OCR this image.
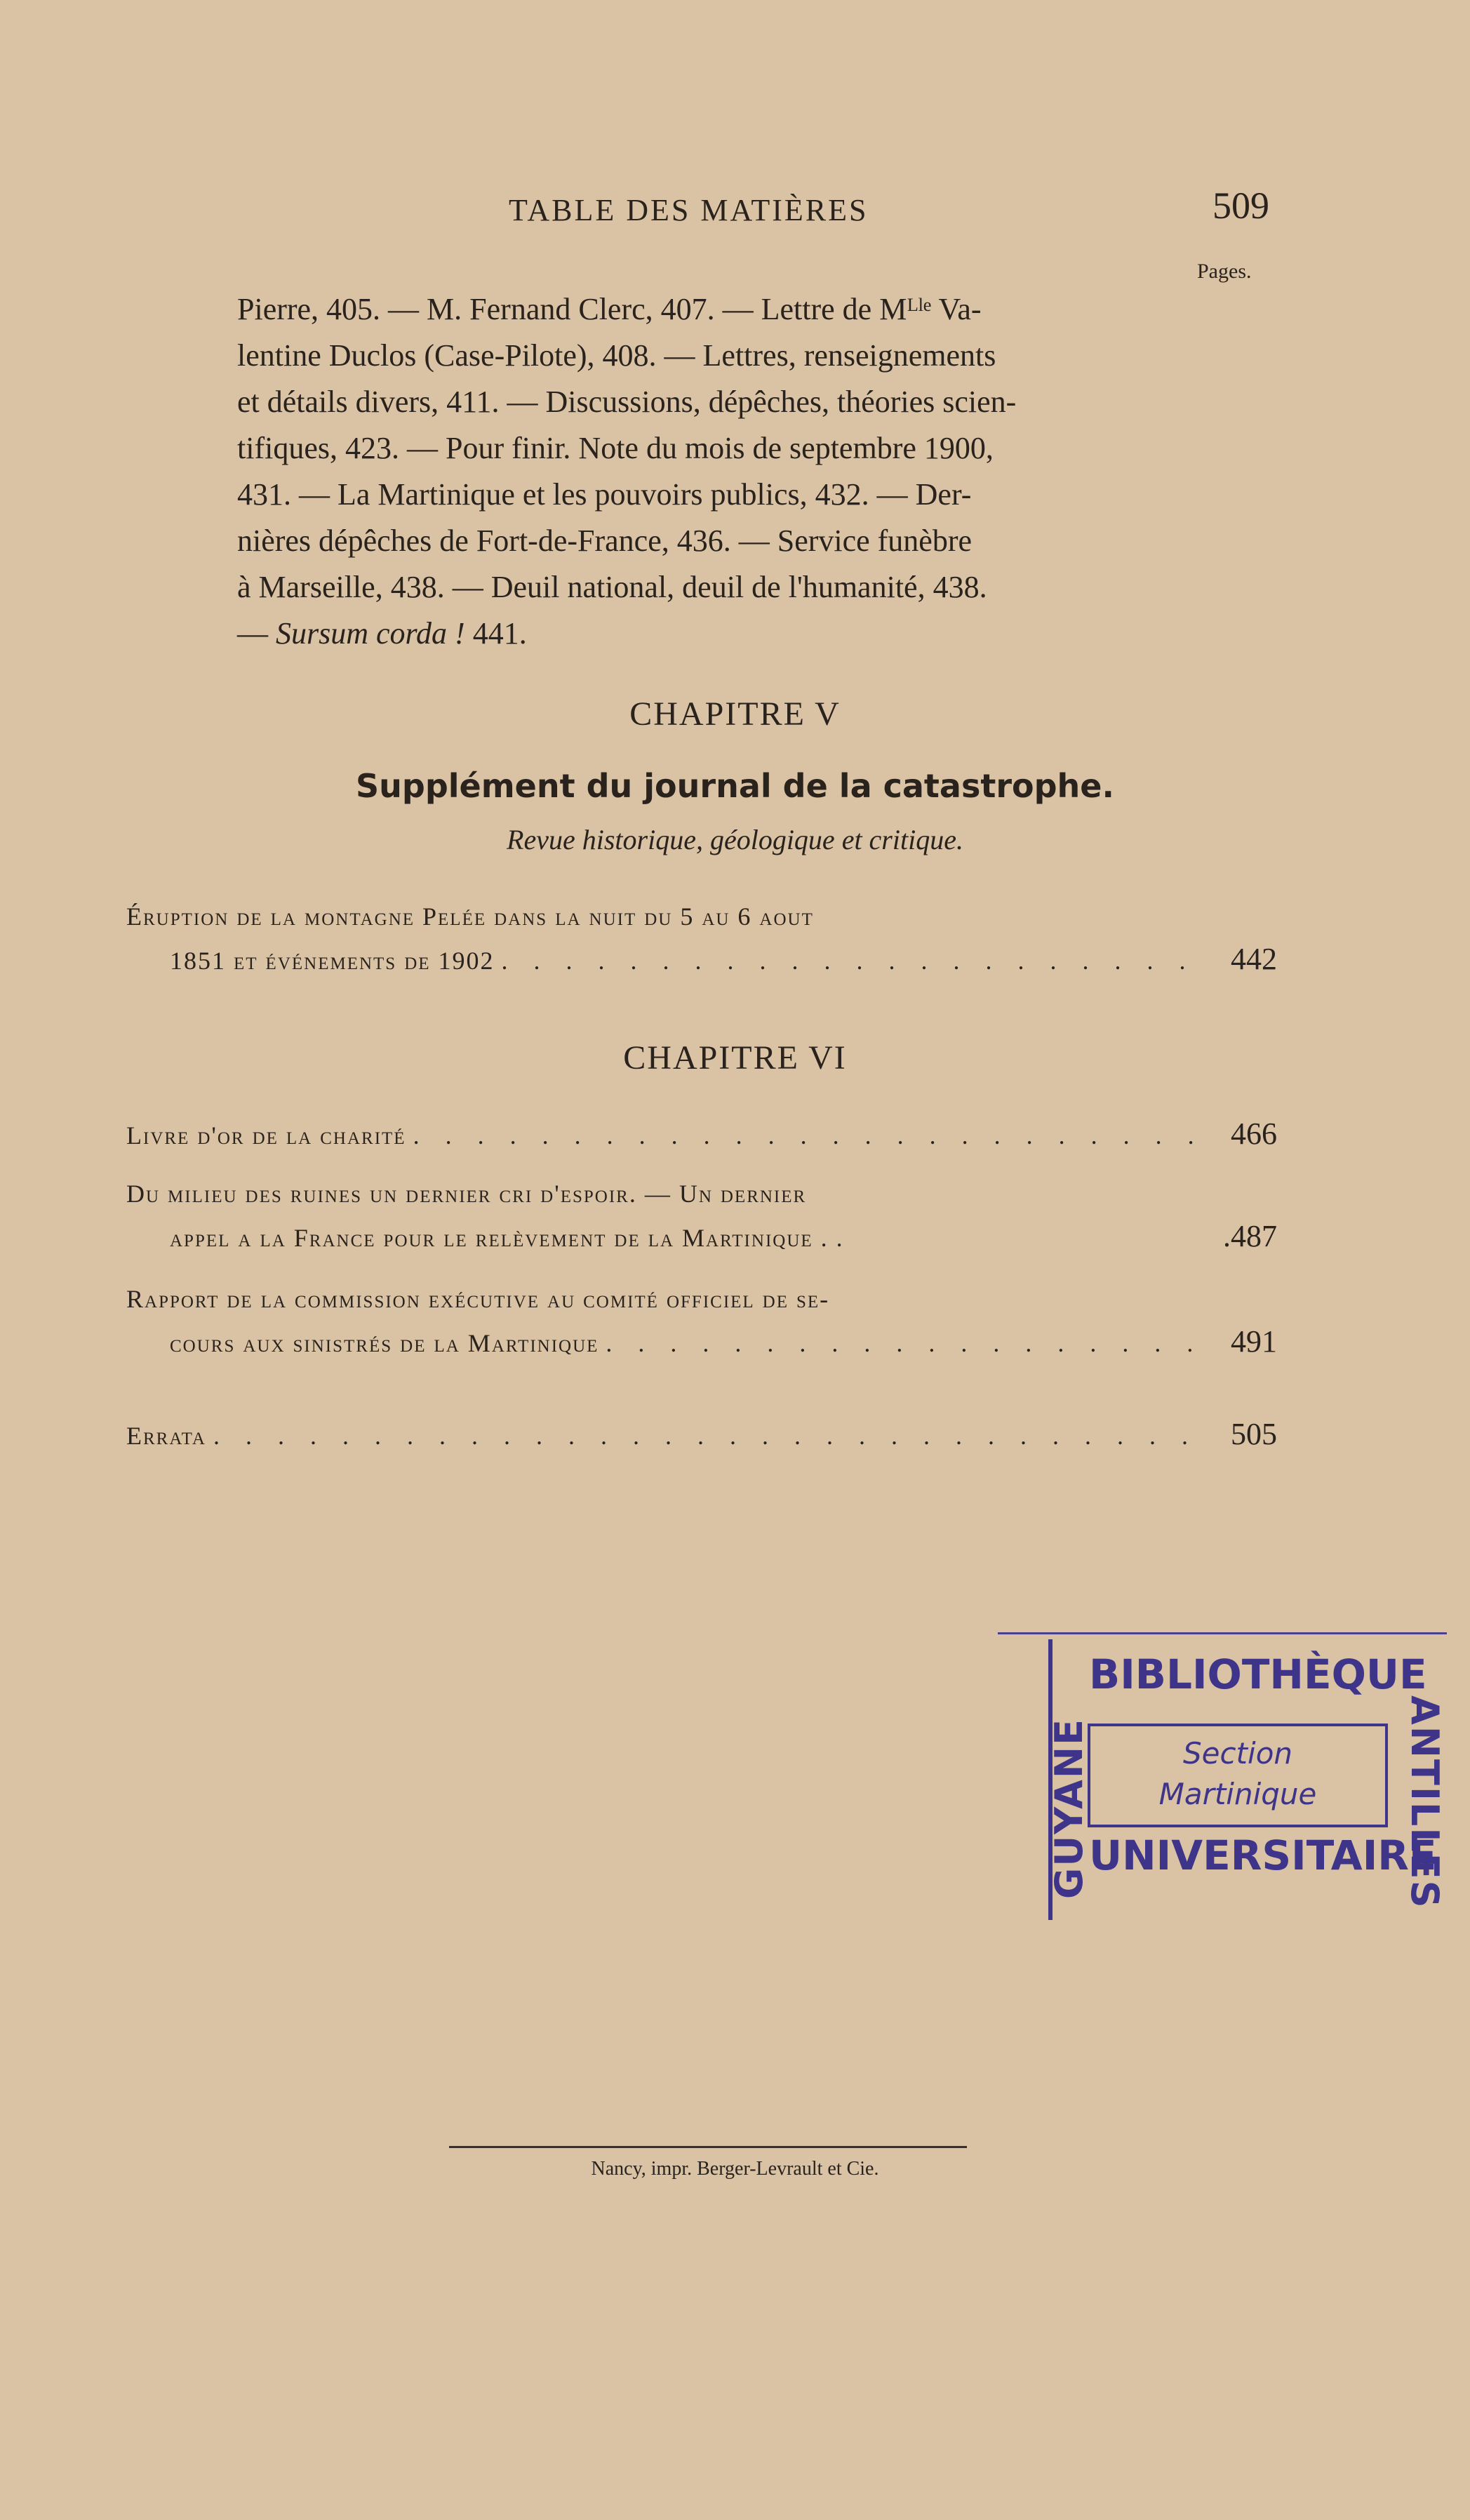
TABLE DES MATIÈRES	509
Pages.
Pierre, 405. — M. Fernand Clerc, 407. — Lettre de Mᴸˡᵉ Va-
lentine Duclos (Case-Pilote), 408. — Lettres, renseignements
et détails divers, 411. — Discussions, dépêches, théories scien-
tifiques, 423. — Pour finir. Note du mois de septembre 1900,
431. — La Martinique et les pouvoirs publics, 432. — Der-
nières dépêches de Fort-de-France, 436. — Service funèbre
à Marseille, 438. — Deuil national, deuil de l'humanité, 438.
— Sursum corda ! 441.
CHAPITRE V
Supplément du journal de la catastrophe.
Revue historique, géologique et critique.
Éruption de la montagne Pelée dans la nuit du 5 au 6 aout
1851 et événements de 1902 . . .	442
CHAPITRE VI
Livre d'or de la charité . . .	466
Du milieu des ruines un dernier cri d'espoir. — Un dernier
appel a la France pour le relèvement de la Martinique . .	.487
Rapport de la commission exécutive au comité officiel de se-
cours aux sinistrés de la Martinique . . .	491
Errata . . .	505
GUYANE
BIBLIOTHÈQUE
Section
Martinique
UNIVERSITAIRE
ANTILLES
Nancy, impr. Berger-Levrault et Cie.
